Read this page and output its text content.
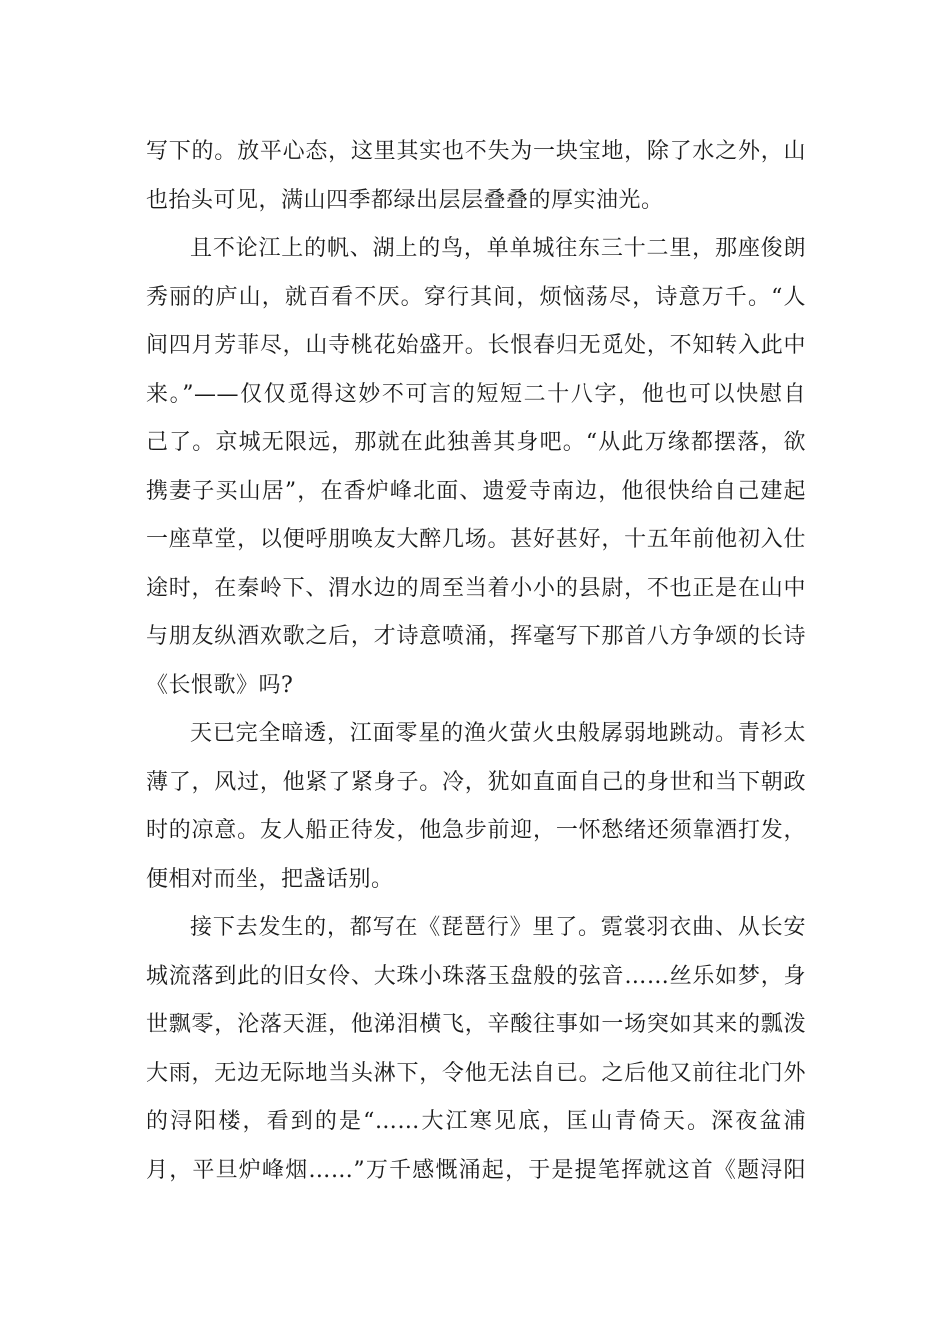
写下的。放平心态，这里其实也不失为一块宝地，除了水之外，山
也抬头可见，满山四季都绿出层层叠叠的厚实油光。
且不论江上的帆、湖上的鸟，单单城往东三十二里，那座俊朗
秀丽的庐山，就百看不厌。穿行其间，烦恼荡尽，诗意万千。“人
间四月芳菲尽，山寺桃花始盛开。长恨春归无觅处，不知转入此中
来。”——仅仅觅得这妙不可言的短短二十八字，他也可以快慰自
己了。京城无限远，那就在此独善其身吧。“从此万缘都摆落，欲
携妻子买山居”，在香炉峰北面、遗爱寺南边，他很快给自己建起
一座草堂，以便呼朋唤友大醉几场。甚好甚好，十五年前他初入仕
途时，在秦岭下、渭水边的周至当着小小的县尉，不也正是在山中
与朋友纵酒欢歌之后，才诗意喷涌，挥毫写下那首八方争颂的长诗
《长恨歌》吗?
天已完全暗透，江面零星的渔火萤火虫般孱弱地跳动。青衫太
薄了，风过，他紧了紧身子。冷，犹如直面自己的身世和当下朝政
时的凉意。友人船正待发，他急步前迎，一怀愁绪还须靠酒打发，
便相对而坐，把盏话别。
接下去发生的，都写在《琵琶行》里了。霓裳羽衣曲、从长安
城流落到此的旧女伶、大珠小珠落玉盘般的弦音……丝乐如梦，身
世飘零，沦落天涯，他涕泪横飞，辛酸往事如一场突如其来的瓢泼
大雨，无边无际地当头淋下，令他无法自已。之后他又前往北门外
的浔阳楼，看到的是“……大江寒见底，匡山青倚天。深夜盆浦
月，平旦炉峰烟……”万千感慨涌起，于是提笔挥就这首《题浔阳
